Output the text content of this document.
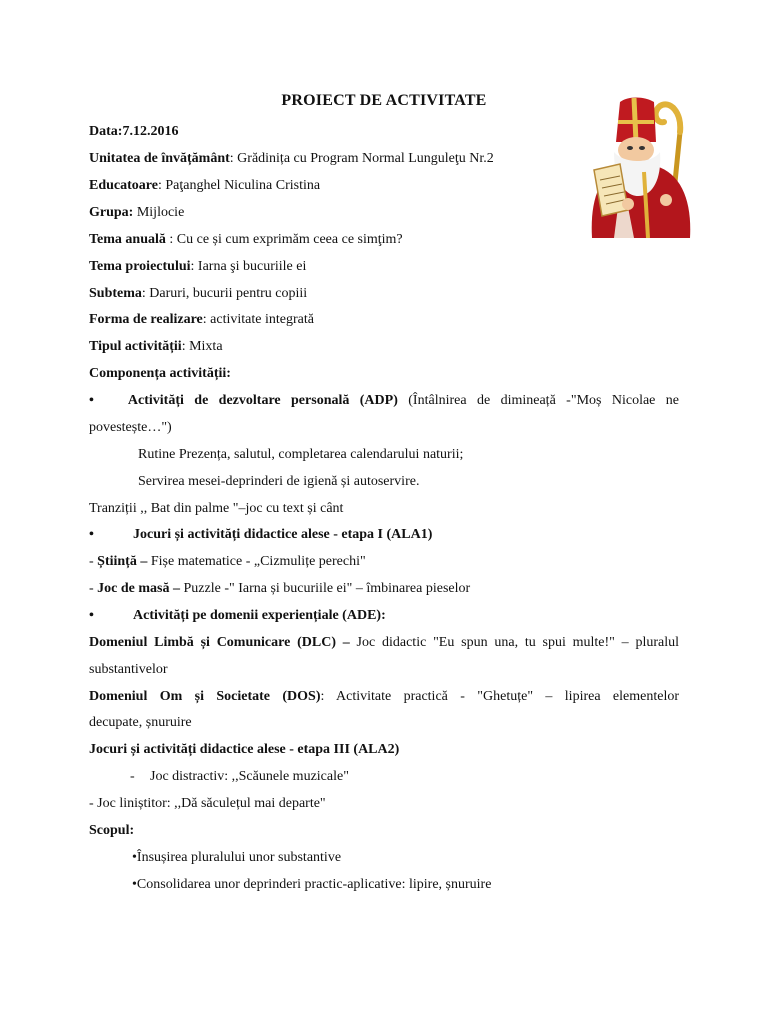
PROIECT DE ACTIVITATE
Data:7.12.2016
Unitatea de învățământ: Grădinița cu Program Normal Lunguleţu Nr.2
Educatoare: Paţanghel Niculina Cristina
Grupa: Mijlocie
Tema anuală : Cu ce și cum exprimăm ceea ce simţim?
Tema proiectului: Iarna şi bucuriile ei
Subtema: Daruri, bucurii pentru copiii
Forma de realizare: activitate integrată
Tipul activității: Mixta
Componența activității:
• Activități de dezvoltare personală (ADP) (Întâlnirea de dimineață -"Moș Nicolae ne
povestește…")
Rutine Prezența, salutul, completarea calendarului naturii;
Servirea mesei-deprinderi de igienă și autoservire.
Tranziții ,, Bat din palme "–joc cu text și cânt
•	Jocuri și activități didactice alese - etapa I (ALA1)
- Știință – Fișe matematice - „Cizmulițe perechi"
- Joc de masă – Puzzle -" Iarna și bucuriile ei" – îmbinarea pieselor
•	Activități pe domenii experiențiale (ADE):
Domeniul Limbă și Comunicare (DLC) – Joc didactic "Eu spun una, tu spui multe!" – pluralul
substantivelor
Domeniul Om și Societate (DOS): Activitate practică - "Ghetuțe" – lipirea elementelor
decupate, șnuruire
Jocuri și activități didactice alese - etapa III (ALA2)
- Joc distractiv: ,,Scăunele muzicale"
- Joc liniștitor: ,,Dă săculețul mai departe"
Scopul:
•Însușirea pluralului unor substantive
•Consolidarea unor deprinderi practic-aplicative: lipire, șnuruire
